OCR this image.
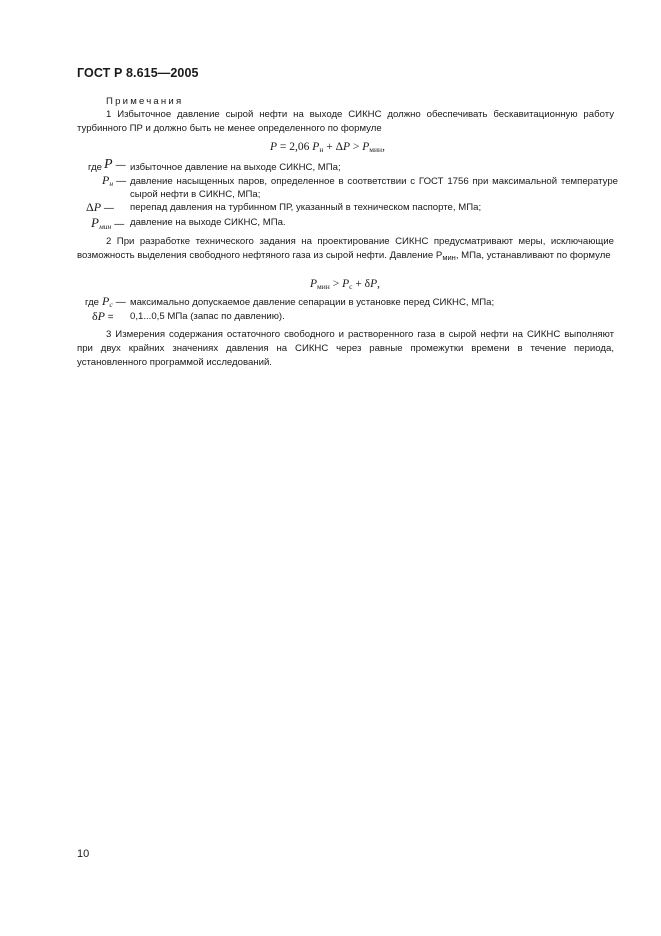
ГОСТ Р 8.615—2005
Примечания
1 Избыточное давление сырой нефти на выходе СИКНС должно обеспечивать бескавитационную работу турбинного ПР и должно быть не менее определенного по формуле
P = 2,06 $P_н + \Delta P > P_{мин}$,
где P — избыточное давление на выходе СИКНС, МПа;
$P_н$ — давление насыщенных паров, определенное в соответствии с ГОСТ 1756 при максимальной температуре сырой нефти в СИКНС, МПа;
ΔP — перепад давления на турбинном ПР, указанный в техническом паспорте, МПа;
$P_{мин}$ — давление на выходе СИКНС, МПа.
2 При разработке технического задания на проектирование СИКНС предусматривают меры, исключающие возможность выделения свободного нефтяного газа из сырой нефти. Давление $P_{мин}$, МПа, устанавливают по формуле
$P_{мин} > P_с + \delta P$,
где $P_с$ — максимально допускаемое давление сепарации в установке перед СИКНС, МПа;
δP = 0,1...0,5 МПа (запас по давлению).
3 Измерения содержания остаточного свободного и растворенного газа в сырой нефти на СИКНС выполняют при двух крайних значениях давления на СИКНС через равные промежутки времени в течение периода, установленного программой исследований.
10
